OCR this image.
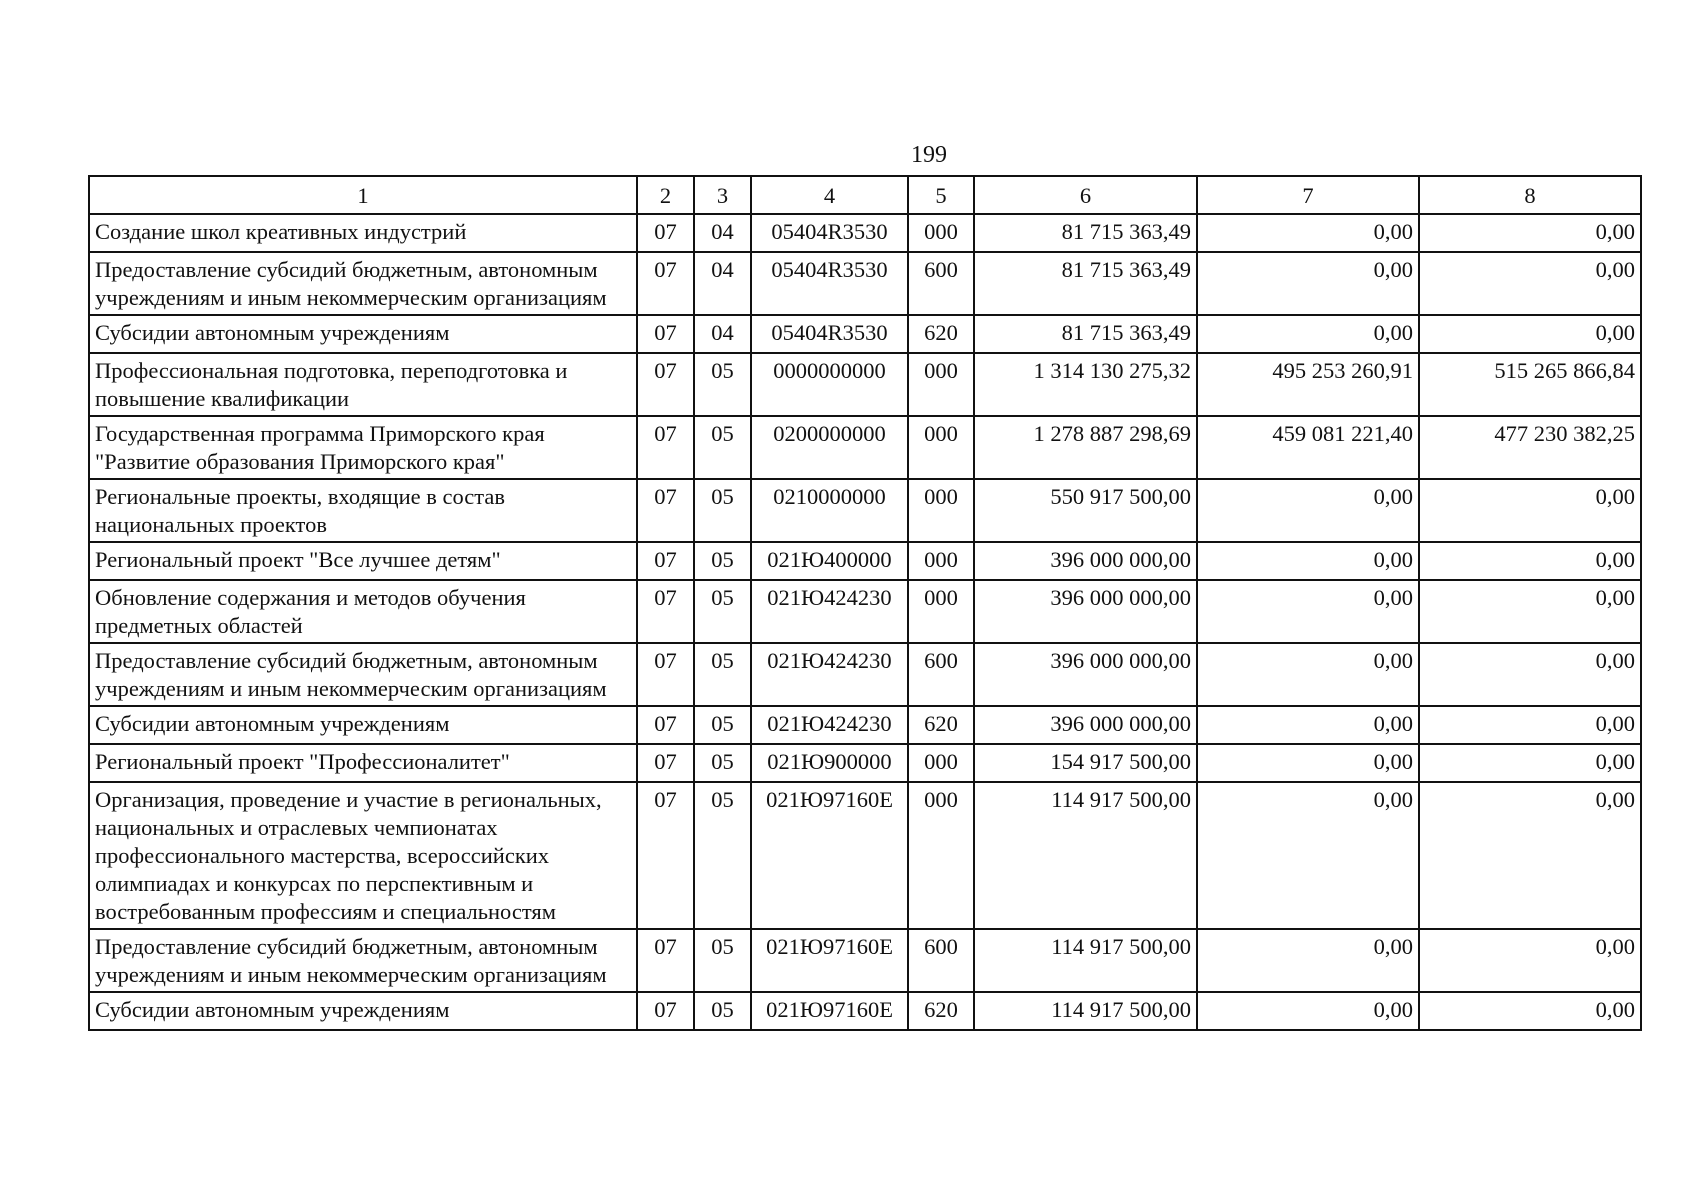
199
1	2	3	4	5	6	7	8
Создание школ креативных индустрий	07	04	05404R3530	000	81 715 363,49	0,00	0,00
Предоставление субсидий бюджетным, автономным учреждениям и иным некоммерческим организациям	07	04	05404R3530	600	81 715 363,49	0,00	0,00
Субсидии автономным учреждениям	07	04	05404R3530	620	81 715 363,49	0,00	0,00
Профессиональная подготовка, переподготовка и повышение квалификации	07	05	0000000000	000	1 314 130 275,32	495 253 260,91	515 265 866,84
Государственная программа Приморского края "Развитие образования Приморского края"	07	05	0200000000	000	1 278 887 298,69	459 081 221,40	477 230 382,25
Региональные проекты, входящие в состав национальных проектов	07	05	0210000000	000	550 917 500,00	0,00	0,00
Региональный проект "Все лучшее детям"	07	05	021Ю400000	000	396 000 000,00	0,00	0,00
Обновление содержания и методов обучения предметных областей	07	05	021Ю424230	000	396 000 000,00	0,00	0,00
Предоставление субсидий бюджетным, автономным учреждениям и иным некоммерческим организациям	07	05	021Ю424230	600	396 000 000,00	0,00	0,00
Субсидии автономным учреждениям	07	05	021Ю424230	620	396 000 000,00	0,00	0,00
Региональный проект "Профессионалитет"	07	05	021Ю900000	000	154 917 500,00	0,00	0,00
Организация, проведение и участие в региональных, национальных и отраслевых чемпионатах профессионального мастерства, всероссийских олимпиадах и конкурсах по перспективным и востребованным профессиям и специальностям	07	05	021Ю97160Е	000	114 917 500,00	0,00	0,00
Предоставление субсидий бюджетным, автономным учреждениям и иным некоммерческим организациям	07	05	021Ю97160Е	600	114 917 500,00	0,00	0,00
Субсидии автономным учреждениям	07	05	021Ю97160Е	620	114 917 500,00	0,00	0,00
